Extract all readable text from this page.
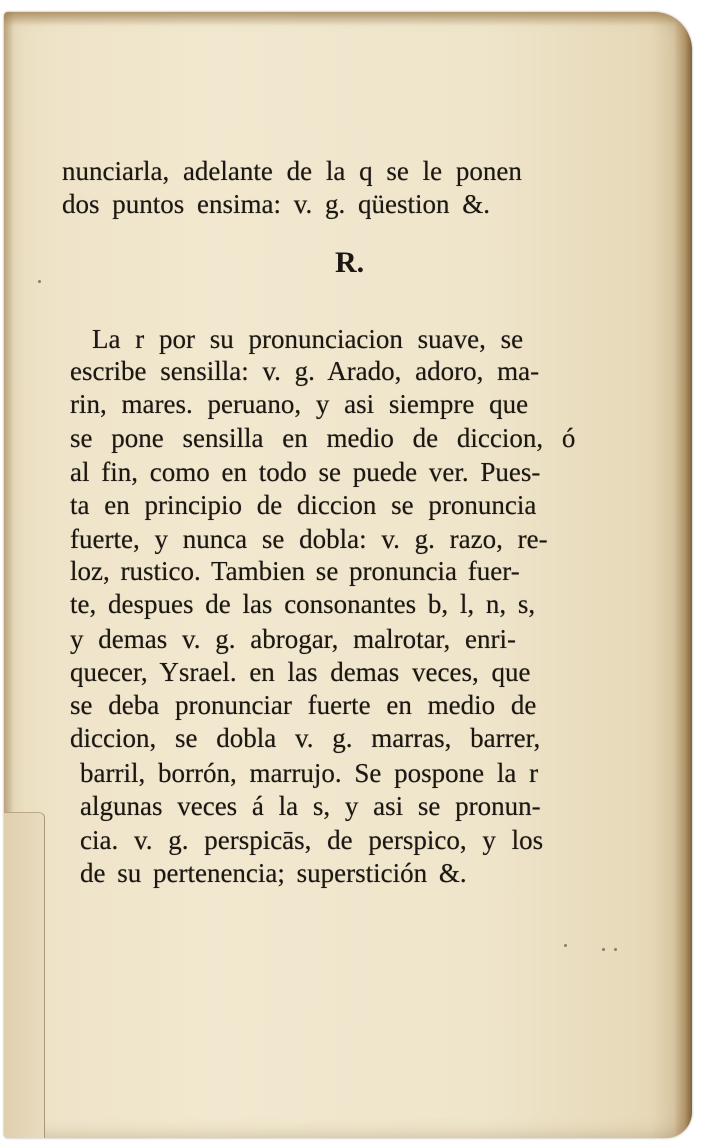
nunciarla, adelante de la q se le ponen
dos puntos ensima: v. g. qüestion &.
R.
La r por su pronunciacion suave, se
escribe sensilla: v. g. Arado, adoro, ma-
rin, mares. peruano, y asi siempre que
se pone sensilla en medio de diccion, ó
al fin, como en todo se puede ver. Pues-
ta en principio de diccion se pronuncia
fuerte, y nunca se dobla: v. g. razo, re-
loz, rustico. Tambien se pronuncia fuer-
te, despues de las consonantes b, l, n, s,
y demas v. g. abrogar, malrotar, enri-
quecer, Ysrael. en las demas veces, que
se deba pronunciar fuerte en medio de
diccion, se dobla v. g. marras, barrer,
barril, borrón, marrujo. Se pospone la r
algunas veces á la s, y asi se pronun-
cia. v. g. perspicās, de perspico, y los
de su pertenencia; superstición &.
